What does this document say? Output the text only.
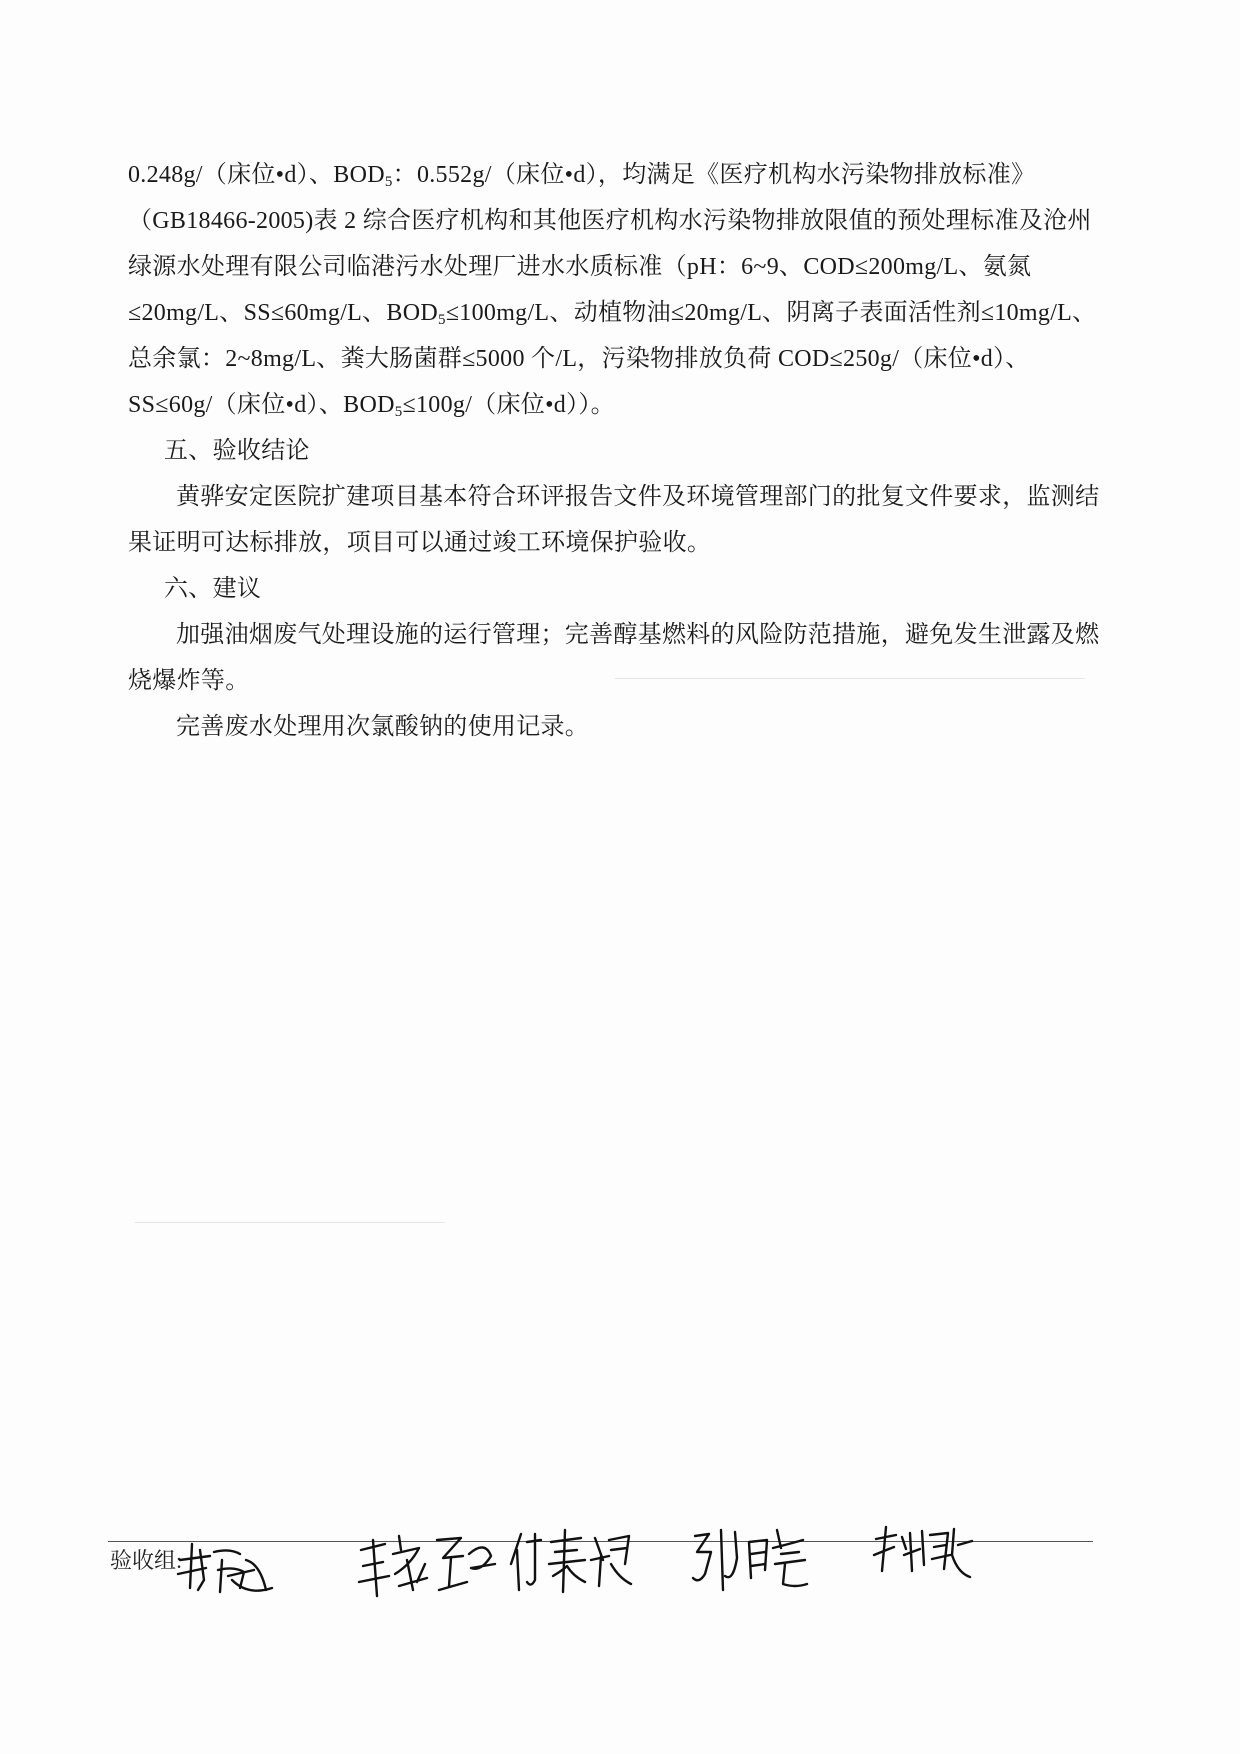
0.248g/（床位•d）、$BOD_5$：0.552g/（床位•d），均满足《医疗机构水污染物排放标准》（GB18466-2005)表 2 综合医疗机构和其他医疗机构水污染物排放限值的预处理标准及沧州绿源水处理有限公司临港污水处理厂进水水质标准（pH：6~9、COD≤200mg/L、氨氮≤20mg/L、SS≤60mg/L、$BOD_5\le 100mg/L$、动植物油≤20mg/L、阴离子表面活性剂≤10mg/L、总余氯：2~8mg/L、粪大肠菌群≤5000 个/L，污染物排放负荷 COD≤250g/（床位•d）、SS≤60g/（床位•d）、$BOD_5\le 100g/$（床位•d））。

五、验收结论

黄骅安定医院扩建项目基本符合环评报告文件及环境管理部门的批复文件要求，监测结果证明可达标排放，项目可以通过竣工环境保护验收。

六、建议

加强油烟废气处理设施的运行管理；完善醇基燃料的风险防范措施，避免发生泄露及燃烧爆炸等。

完善废水处理用次氯酸钠的使用记录。

验收组:
